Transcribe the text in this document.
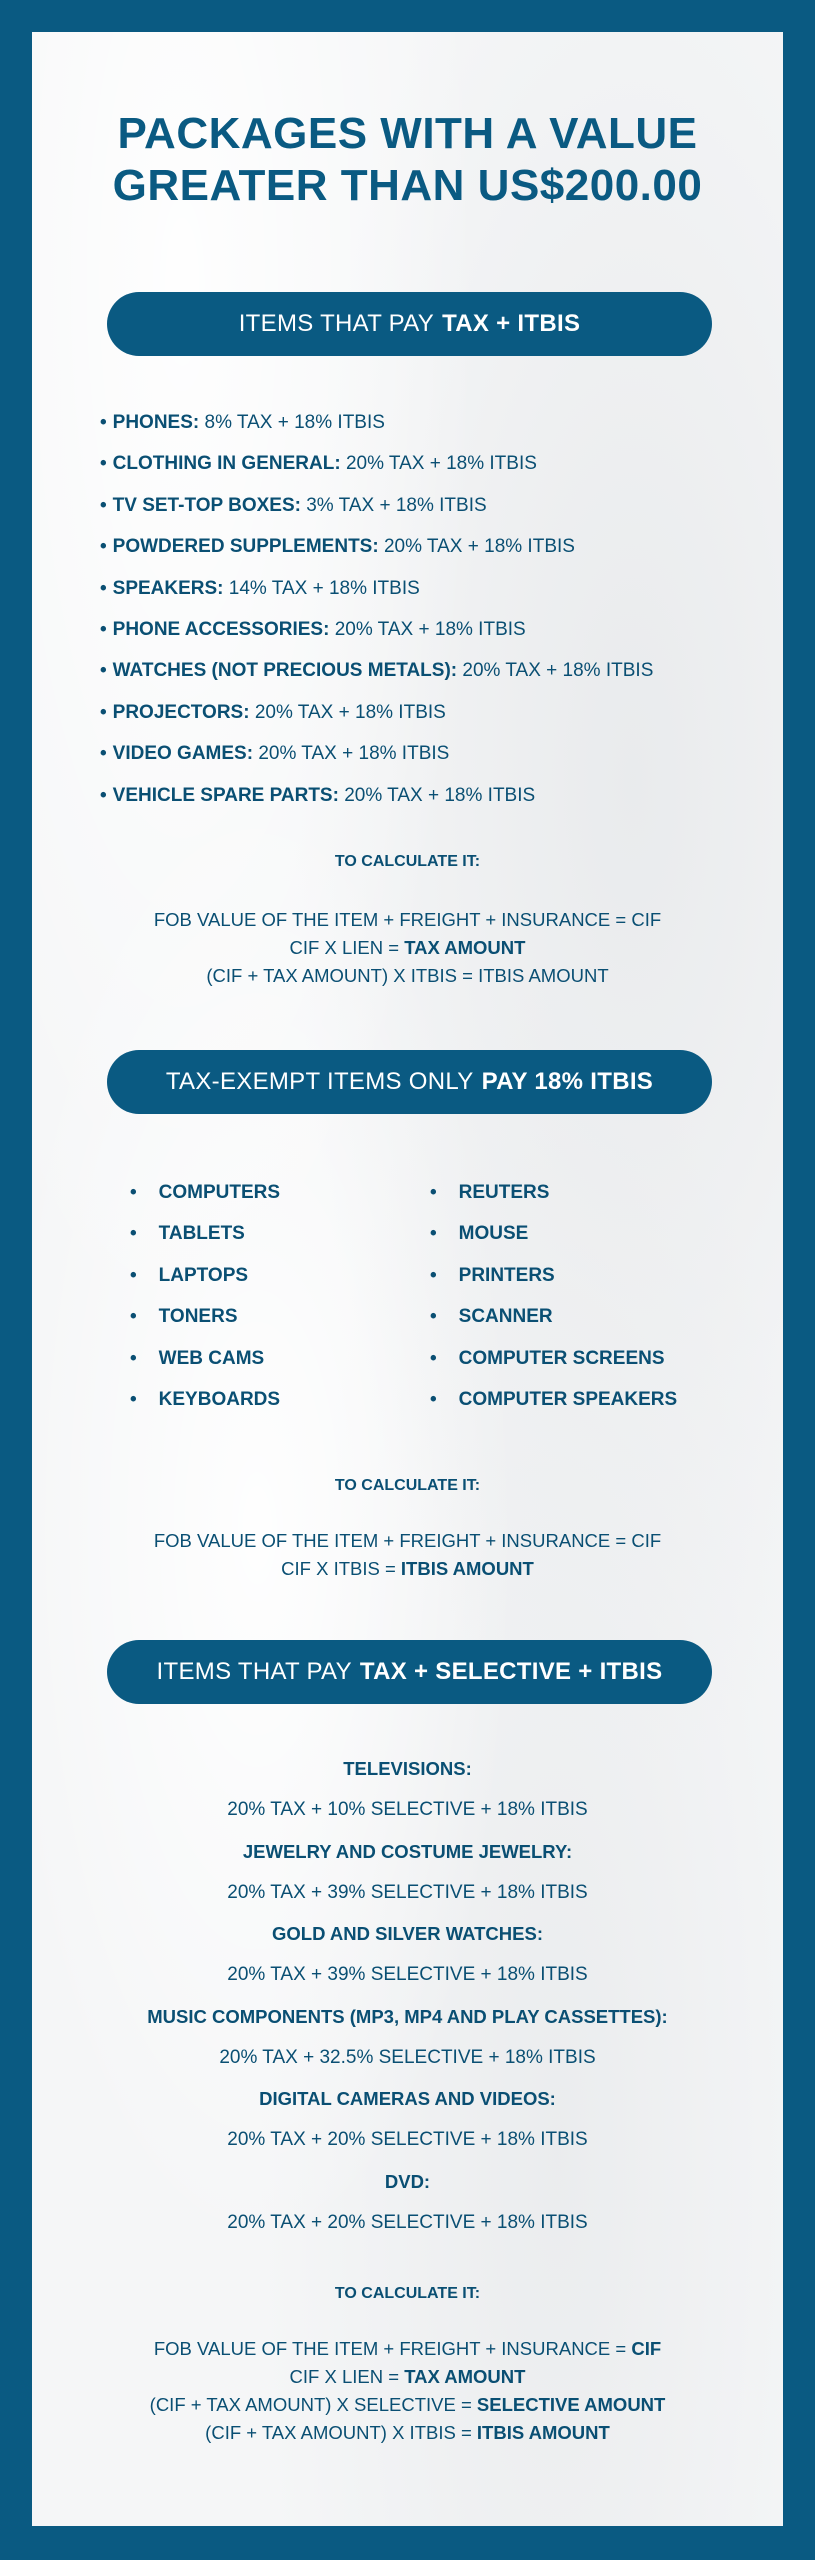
PACKAGES WITH A VALUE
GREATER THAN US$200.00
ITEMS THAT PAY TAX + ITBIS
• PHONES: 8% TAX + 18% ITBIS
• CLOTHING IN GENERAL: 20% TAX + 18% ITBIS
• TV SET-TOP BOXES: 3% TAX + 18% ITBIS
• POWDERED SUPPLEMENTS: 20% TAX + 18% ITBIS
• SPEAKERS: 14% TAX + 18% ITBIS
• PHONE ACCESSORIES: 20% TAX + 18% ITBIS
• WATCHES (NOT PRECIOUS METALS): 20% TAX + 18% ITBIS
• PROJECTORS: 20% TAX + 18% ITBIS
• VIDEO GAMES: 20% TAX + 18% ITBIS
• VEHICLE SPARE PARTS: 20% TAX + 18% ITBIS
TO CALCULATE IT:
FOB VALUE OF THE ITEM + FREIGHT + INSURANCE = CIF
CIF X LIEN = TAX AMOUNT
(CIF + TAX AMOUNT) X ITBIS = ITBIS AMOUNT
TAX-EXEMPT ITEMS ONLY PAY 18% ITBIS
• COMPUTERS
• TABLETS
• LAPTOPS
• TONERS
• WEB CAMS
• KEYBOARDS
• REUTERS
• MOUSE
• PRINTERS
• SCANNER
• COMPUTER SCREENS
• COMPUTER SPEAKERS
TO CALCULATE IT:
FOB VALUE OF THE ITEM + FREIGHT + INSURANCE = CIF
CIF X ITBIS = ITBIS AMOUNT
ITEMS THAT PAY TAX + SELECTIVE + ITBIS
TELEVISIONS:
20% TAX + 10% SELECTIVE + 18% ITBIS
JEWELRY AND COSTUME JEWELRY:
20% TAX + 39% SELECTIVE + 18% ITBIS
GOLD AND SILVER WATCHES:
20% TAX + 39% SELECTIVE + 18% ITBIS
MUSIC COMPONENTS (MP3, MP4 AND PLAY CASSETTES):
20% TAX + 32.5% SELECTIVE + 18% ITBIS
DIGITAL CAMERAS AND VIDEOS:
20% TAX + 20% SELECTIVE + 18% ITBIS
DVD:
20% TAX + 20% SELECTIVE + 18% ITBIS
TO CALCULATE IT:
FOB VALUE OF THE ITEM + FREIGHT + INSURANCE = CIF
CIF X LIEN = TAX AMOUNT
(CIF + TAX AMOUNT) X SELECTIVE = SELECTIVE AMOUNT
(CIF + TAX AMOUNT) X ITBIS = ITBIS AMOUNT
